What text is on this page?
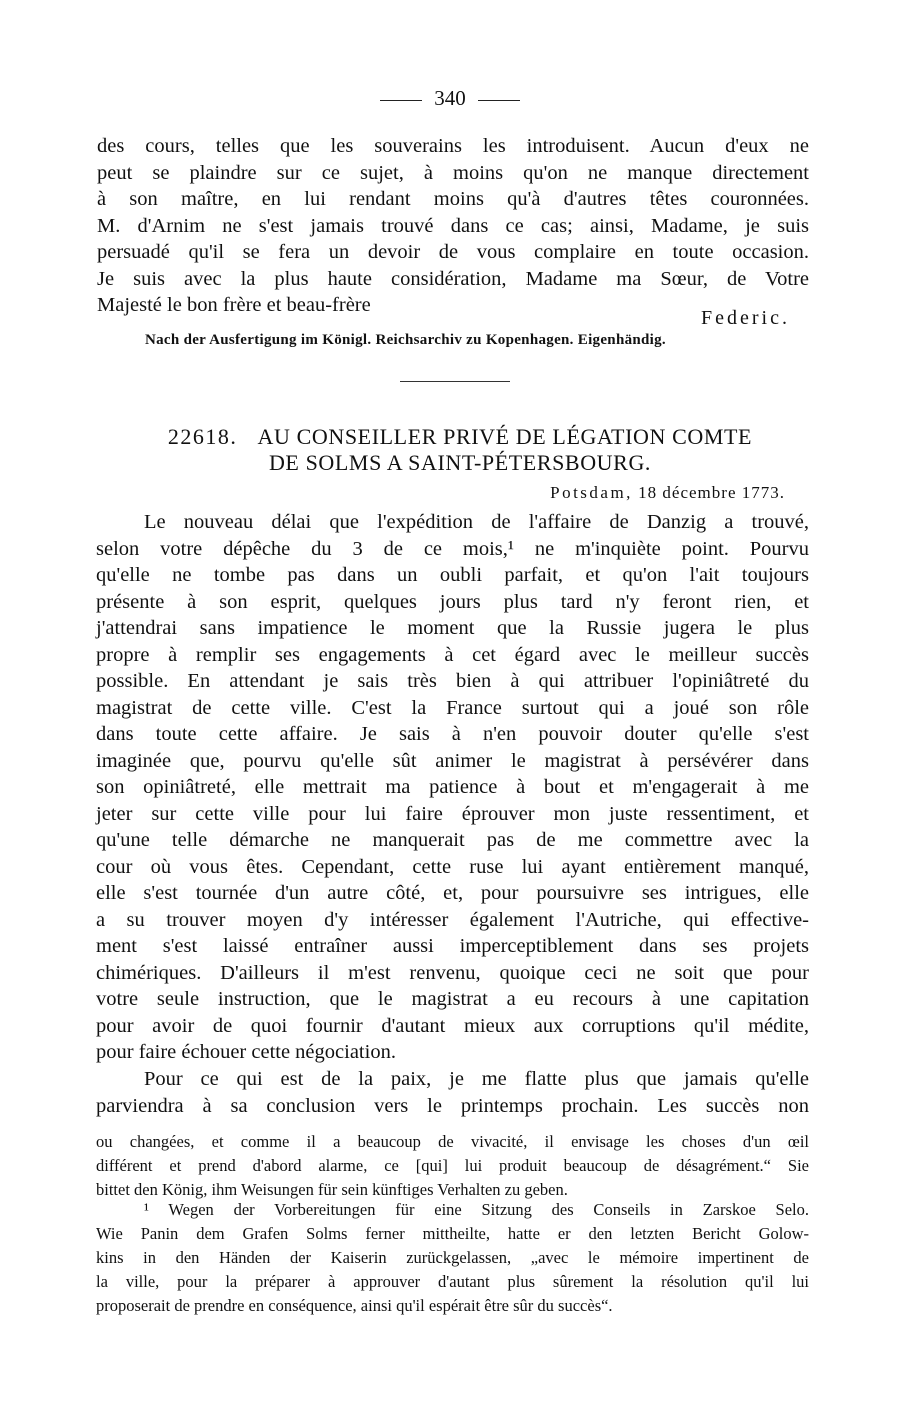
340
des cours, telles que les souverains les introduisent. Aucun d'eux ne
peut se plaindre sur ce sujet, à moins qu'on ne manque directement
à son maître, en lui rendant moins qu'à d'autres têtes couronnées.
M. d'Arnim ne s'est jamais trouvé dans ce cas; ainsi, Madame, je suis
persuadé qu'il se fera un devoir de vous complaire en toute occasion.
Je suis avec la plus haute considération, Madame ma Sœur, de Votre
Majesté le bon frère et beau-frère
Federic.
Nach der Ausfertigung im Königl. Reichsarchiv zu Kopenhagen. Eigenhändig.
22618. AU CONSEILLER PRIVÉ DE LÉGATION COMTE
DE SOLMS A SAINT-PÉTERSBOURG.
Potsdam, 18 décembre 1773.
Le nouveau délai que l'expédition de l'affaire de Danzig a trouvé,
selon votre dépêche du 3 de ce mois,¹ ne m'inquiète point. Pourvu
qu'elle ne tombe pas dans un oubli parfait, et qu'on l'ait toujours
présente à son esprit, quelques jours plus tard n'y feront rien, et
j'attendrai sans impatience le moment que la Russie jugera le plus
propre à remplir ses engagements à cet égard avec le meilleur succès
possible. En attendant je sais très bien à qui attribuer l'opiniâtreté du
magistrat de cette ville. C'est la France surtout qui a joué son rôle
dans toute cette affaire. Je sais à n'en pouvoir douter qu'elle s'est
imaginée que, pourvu qu'elle sût animer le magistrat à persévérer dans
son opiniâtreté, elle mettrait ma patience à bout et m'engagerait à me
jeter sur cette ville pour lui faire éprouver mon juste ressentiment, et
qu'une telle démarche ne manquerait pas de me commettre avec la
cour où vous êtes. Cependant, cette ruse lui ayant entièrement manqué,
elle s'est tournée d'un autre côté, et, pour poursuivre ses intrigues, elle
a su trouver moyen d'y intéresser également l'Autriche, qui effective-
ment s'est laissé entraîner aussi imperceptiblement dans ses projets
chimériques. D'ailleurs il m'est renvenu, quoique ceci ne soit que pour
votre seule instruction, que le magistrat a eu recours à une capitation
pour avoir de quoi fournir d'autant mieux aux corruptions qu'il médite,
pour faire échouer cette négociation.
Pour ce qui est de la paix, je me flatte plus que jamais qu'elle
parviendra à sa conclusion vers le printemps prochain. Les succès non
ou changées, et comme il a beaucoup de vivacité, il envisage les choses d'un œil
différent et prend d'abord alarme, ce [qui] lui produit beaucoup de désagrément.“ Sie
bittet den König, ihm Weisungen für sein künftiges Verhalten zu geben.
¹ Wegen der Vorbereitungen für eine Sitzung des Conseils in Zarskoe Selo.
Wie Panin dem Grafen Solms ferner mittheilte, hatte er den letzten Bericht Golow-
kins in den Händen der Kaiserin zurückgelassen, „avec le mémoire impertinent de
la ville, pour la préparer à approuver d'autant plus sûrement la résolution qu'il lui
proposerait de prendre en conséquence, ainsi qu'il espérait être sûr du succès“.
